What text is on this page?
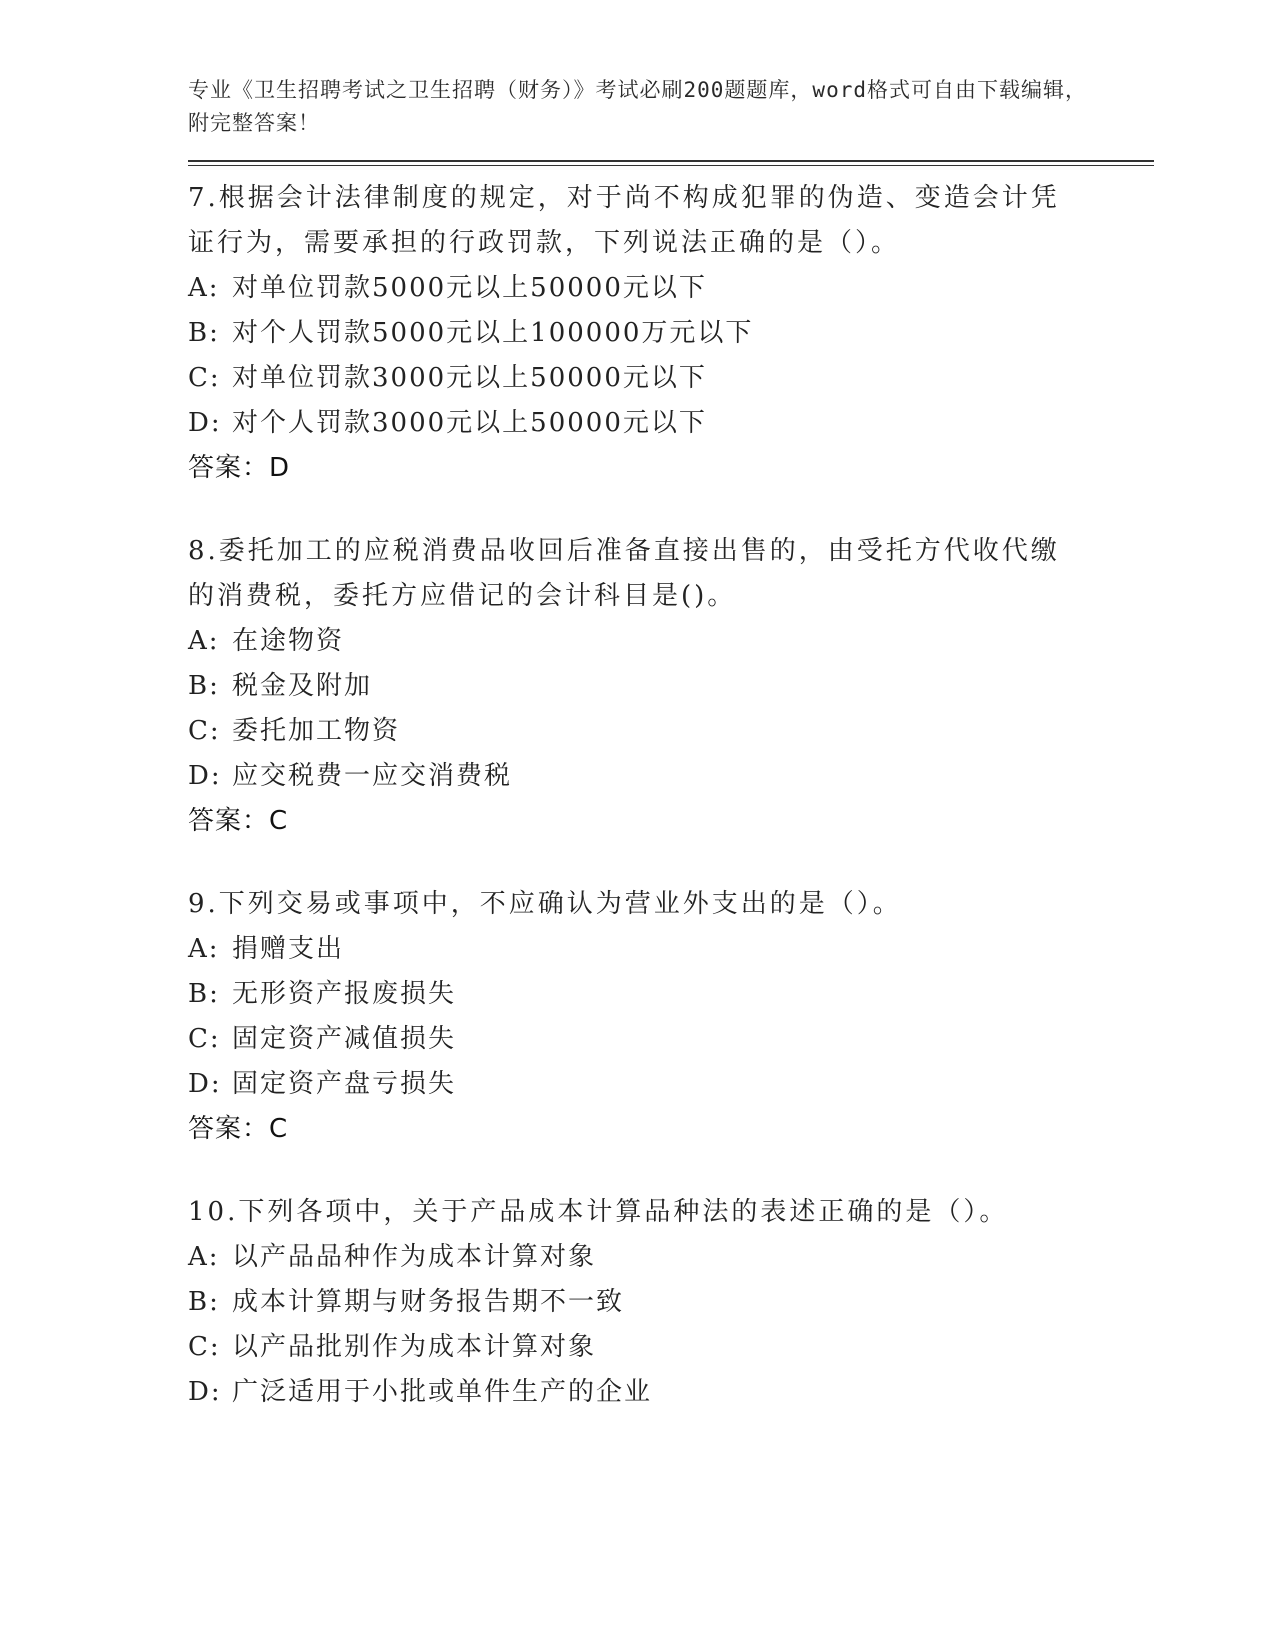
专业《卫生招聘考试之卫生招聘（财务）》考试必刷200题题库，word格式可自由下载编辑，附完整答案！
7.根据会计法律制度的规定，对于尚不构成犯罪的伪造、变造会计凭证行为，需要承担的行政罚款，下列说法正确的是（）。
A: 对单位罚款5000元以上50000元以下
B: 对个人罚款5000元以上100000万元以下
C: 对单位罚款3000元以上50000元以下
D: 对个人罚款3000元以上50000元以下
答案：D
8.委托加工的应税消费品收回后准备直接出售的，由受托方代收代缴的消费税，委托方应借记的会计科目是()。
A: 在途物资
B: 税金及附加
C: 委托加工物资
D: 应交税费一应交消费税
答案：C
9.下列交易或事项中，不应确认为营业外支出的是（）。
A: 捐赠支出
B: 无形资产报废损失
C: 固定资产减值损失
D: 固定资产盘亏损失
答案：C
10.下列各项中，关于产品成本计算品种法的表述正确的是（）。
A: 以产品品种作为成本计算对象
B: 成本计算期与财务报告期不一致
C: 以产品批别作为成本计算对象
D: 广泛适用于小批或单件生产的企业
